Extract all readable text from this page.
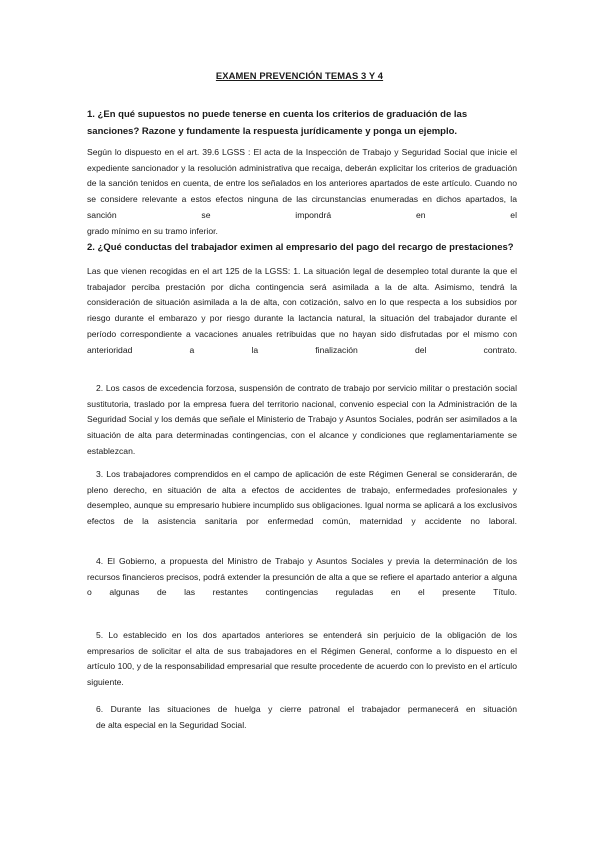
EXAMEN PREVENCIÓN TEMAS 3 Y 4
1. ¿En qué supuestos no puede tenerse en cuenta los criterios de graduación de las sanciones? Razone y fundamente la respuesta jurídicamente y ponga un ejemplo.
Según lo dispuesto en el art. 39.6 LGSS : El acta de la Inspección de Trabajo y Seguridad Social que inicie el expediente sancionador y la resolución administrativa que recaiga, deberán explicitar los criterios de graduación de la sanción tenidos en cuenta, de entre los señalados en los anteriores apartados de este artículo. Cuando no se considere relevante a estos efectos ninguna de las circunstancias enumeradas en dichos apartados, la sanción se impondrá en el
grado mínimo en su tramo inferior.
2. ¿Qué conductas del trabajador eximen al empresario del pago del recargo de prestaciones?
Las que vienen recogidas en el art 125 de la LGSS: 1. La situación legal de desempleo total durante la que el trabajador perciba prestación por dicha contingencia será asimilada a la de alta. Asimismo, tendrá la consideración de situación asimilada a la de alta, con cotización, salvo en lo que respecta a los subsidios por riesgo durante el embarazo y por riesgo durante la lactancia natural, la situación del trabajador durante el período correspondiente a vacaciones anuales retribuidas que no hayan sido disfrutadas por el mismo con anterioridad a la finalización del contrato.
2. Los casos de excedencia forzosa, suspensión de contrato de trabajo por servicio militar o prestación social sustitutoria, traslado por la empresa fuera del territorio nacional, convenio especial con la Administración de la Seguridad Social y los demás que señale el Ministerio de Trabajo y Asuntos Sociales, podrán ser asimilados a la situación de alta para determinadas contingencias, con el alcance y condiciones que reglamentariamente se establezcan.
3. Los trabajadores comprendidos en el campo de aplicación de este Régimen General se considerarán, de pleno derecho, en situación de alta a efectos de accidentes de trabajo, enfermedades profesionales y desempleo, aunque su empresario hubiere incumplido sus obligaciones. Igual norma se aplicará a los exclusivos efectos de la asistencia sanitaria por enfermedad común, maternidad y accidente no laboral.
4. El Gobierno, a propuesta del Ministro de Trabajo y Asuntos Sociales y previa la determinación de los recursos financieros precisos, podrá extender la presunción de alta a que se refiere el apartado anterior a alguna o algunas de las restantes contingencias reguladas en el presente Título.
5. Lo establecido en los dos apartados anteriores se entenderá sin perjuicio de la obligación de los empresarios de solicitar el alta de sus trabajadores en el Régimen General, conforme a lo dispuesto en el artículo 100, y de la responsabilidad empresarial que resulte procedente de acuerdo con lo previsto en el artículo siguiente.
6. Durante las situaciones de huelga y cierre patronal el trabajador permanecerá en situación
de alta especial en la Seguridad Social.
